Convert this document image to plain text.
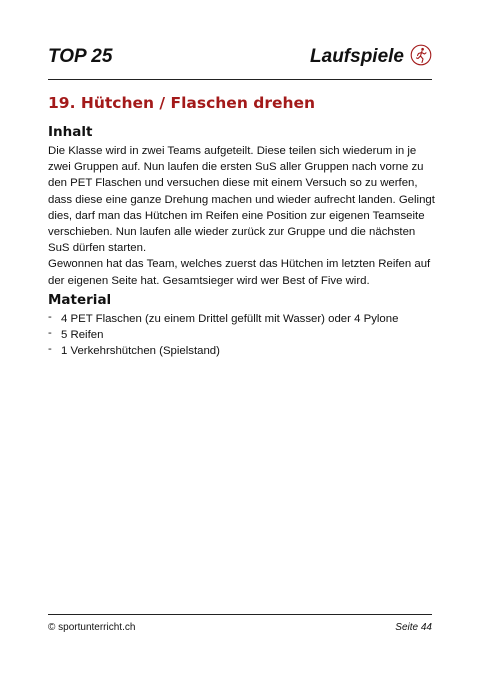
TOP 25	Laufspiele
19. Hütchen / Flaschen drehen
Inhalt

Die Klasse wird in zwei Teams aufgeteilt. Diese teilen sich wiederum in je zwei Gruppen auf. Nun laufen die ersten SuS aller Gruppen nach vorne zu den PET Flaschen und versuchen diese mit einem Versuch so zu werfen, dass diese eine ganze Drehung machen und wieder aufrecht landen. Gelingt dies, darf man das Hütchen im Reifen eine Position zur eigenen Teamseite verschieben. Nun laufen alle wieder zurück zur Gruppe und die nächsten SuS dürfen starten.

Gewonnen hat das Team, welches zuerst das Hütchen im letzten Reifen auf der eigenen Seite hat. Gesamtsieger wird wer Best of Five wird.

Material
- 4 PET Flaschen (zu einem Drittel gefüllt mit Wasser) oder 4 Pylone
- 5 Reifen
- 1 Verkehrshütchen (Spielstand)
© sportunterricht.ch	Seite 44
